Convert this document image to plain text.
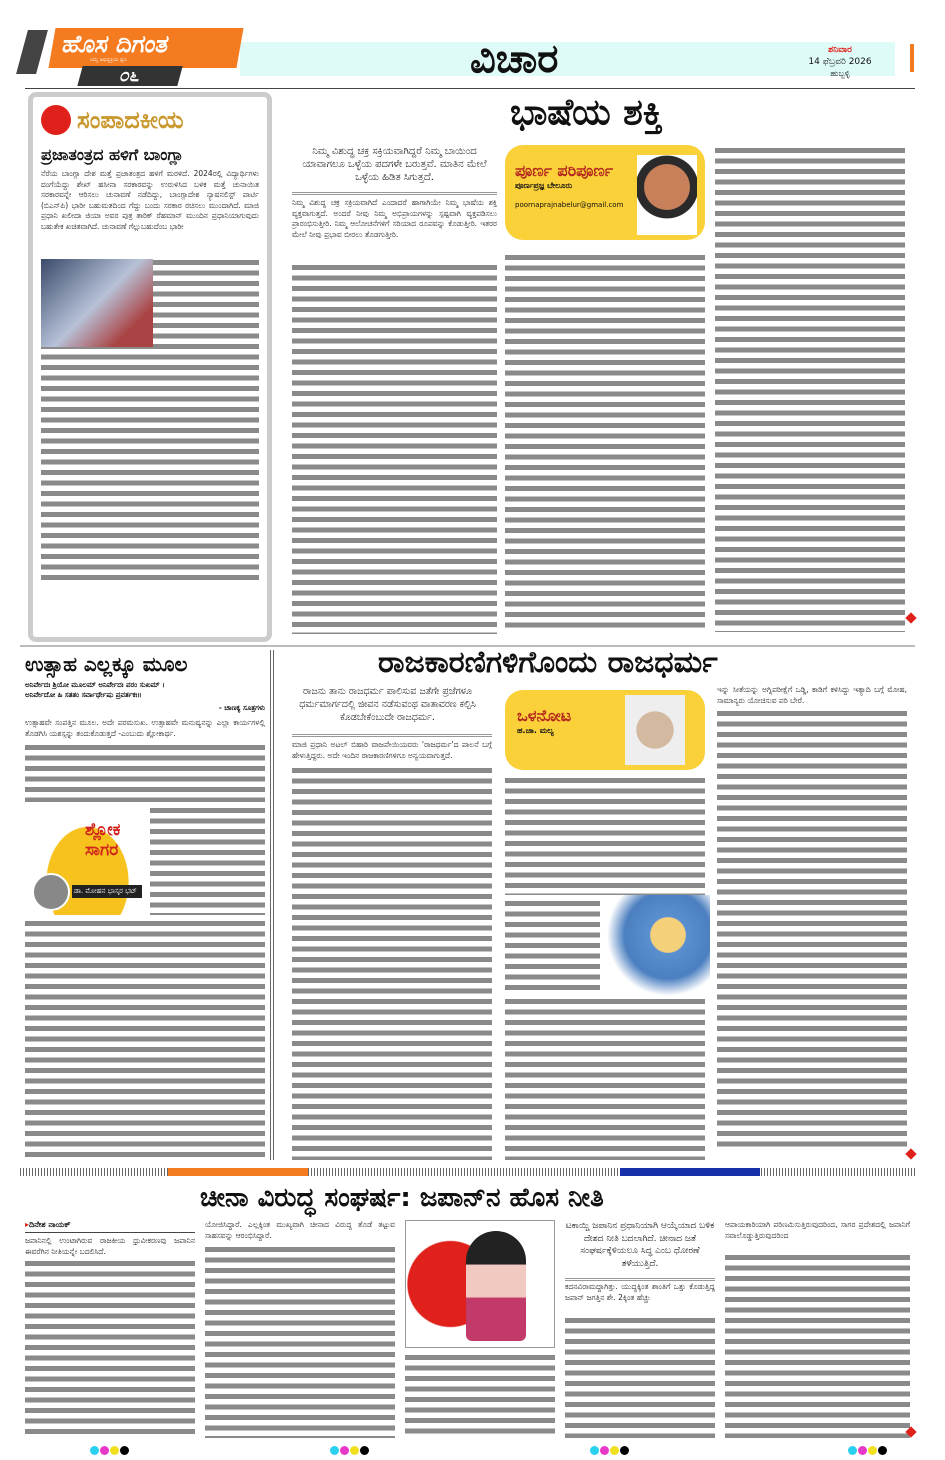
ಹೊಸ ದಿಗಂತ
ನಿಮ್ಮ ಅಭಿವ್ಯಕ್ತಿಯ ಧ್ವನಿ
೦೬	ವಿಚಾರ	ಶನಿವಾರ
14 ಫೆಬ್ರವರಿ 2026
ಹುಬ್ಬಳ್ಳಿ
ಸಂಪಾದಕೀಯ
ಪ್ರಜಾತಂತ್ರದ ಹಳಿಗೆ ಬಾಂಗ್ಲಾ
ನೆರೆಯ ಬಾಂಗ್ಲಾ ದೇಶ ಮತ್ತೆ ಪ್ರಜಾತಂತ್ರದ ಹಳಿಗೆ ಮರಳಿದೆ. 2024ರಲ್ಲಿ ವಿದ್ಯಾರ್ಥಿಗಳು ದಂಗೆಯೆದ್ದು ಶೇಖ್ ಹಸೀನಾ ಸರಕಾರವನ್ನು ಉರುಳಿಸಿದ ಬಳಿಕ ಮತ್ತೆ ಚುನಾಯಿತ ಸರಕಾರವನ್ನೇ ಆರಿಸಲು ಚುನಾವಣೆ ನಡೆದಿದ್ದು, ಬಾಂಗ್ಲಾದೇಶ ನ್ಯಾಷನಲಿಸ್ಟ್ ಪಾರ್ಟಿ (ಬಿಎನ್‌ಪಿ) ಭಾರೀ ಬಹುಮತದಿಂದ ಗೆದ್ದು ಬಂದು ಸರಕಾರ ರಚಿಸಲು ಮುಂದಾಗಿದೆ. ಮಾಜಿ ಪ್ರಧಾನಿ ಖಲೀದಾ ಜಿಯಾ ಅವರ ಪುತ್ರ ತಾರಿಕ್ ರೆಹಮಾನ್ ಮುಂದಿನ ಪ್ರಧಾನಿಯಾಗುವುದು ಬಹುತೇಕ ಖಚಿತವಾಗಿದೆ. ಚುನಾವಣೆ ಗೆಲ್ಲುಬಹುದೆಂಬ ಭಾರೀ
ಭಾಷೆಯ ಶಕ್ತಿ
ನಿಮ್ಮ ವಿಶುದ್ಧ ಚಕ್ರ ಸಕ್ರಿಯವಾಗಿದ್ದರೆ ನಿಮ್ಮ ಬಾಯಿಂದ ಯಾವಾಗಲೂ ಒಳ್ಳೆಯ ಪದಗಳೇ ಬರುತ್ತವೆ. ಮಾತಿನ ಮೇಲೆ ಒಳ್ಳೆಯ ಹಿಡಿತ ಸಿಗುತ್ತದೆ.
ನಿಮ್ಮ ವಿಶುದ್ಧ ಚಕ್ರ ಸಕ್ರಿಯವಾಗಿದೆ ಎಂದಾದರೆ ಹಾಗಾಗಿಯೇ ನಿಮ್ಮ ಭಾಷೆಯ ಶಕ್ತಿ ವ್ಯಕ್ತವಾಗುತ್ತದೆ. ಅಂದರೆ ನೀವು ನಿಮ್ಮ ಅಭಿಪ್ರಾಯಗಳನ್ನು ಸ್ಪಷ್ಟವಾಗಿ ವ್ಯಕ್ತಪಡಿಸಲು ಪ್ರಾರಂಭಿಸುತ್ತೀರಿ. ನಿಮ್ಮ ಆಲೋಚನೆಗಳಿಗೆ ಸರಿಯಾದ ರೂಪವನ್ನು ಕೊಡುತ್ತೀರಿ. ಇತರರ ಮೇಲೆ ನೀವು ಪ್ರಭಾವ ಬೀರಲು ತೊಡಗುತ್ತೀರಿ.
ಪೂರ್ಣ ಪರಿಪೂರ್ಣ
ಪೂರ್ಣಪ್ರಜ್ಞ ಬೇಲೂರು
poornaprajnabelur@gmail.com
ಉತ್ಸಾಹ ಎಲ್ಲಕ್ಕೂ ಮೂಲ
ಅನಿರ್ವೇದಃ ಶ್ರಿಯೋ ಮೂಲಮ್ ಅನಿರ್ವೇದಃ ಪರಂ ಸುಖಮ್ ।
ಅನಿರ್ವೇದೋ ಹಿ ಸತತಂ ಸರ್ವಾರ್ಥೇಷು ಪ್ರವರ್ತಕಃ॥
- ಚಾಣಕ್ಯ ಸೂತ್ರಗಳು
ಉತ್ಸಾಹವೇ ಸಂಪತ್ತಿನ ಮೂಲ. ಅದೇ ಪರಮಸುಖ. ಉತ್ಸಾಹವೇ ಮನುಷ್ಯನನ್ನು ಎಲ್ಲಾ ಕಾರ್ಯಗಳಲ್ಲಿ ತೊಡಗಿಸಿ ಯಶಸ್ಸನ್ನು ತಂದುಕೊಡುತ್ತದೆ -ಎಂಬುದು ಶ್ಲೋಕಾರ್ಥ.
ಶ್ಲೋಕ ಸಾಗರ
ಡಾ. ಮೋಹನ ಭಾಸ್ಕರ ಭಟ್
ರಾಜಕಾರಣಿಗಳಿಗೊಂದು ರಾಜಧರ್ಮ
ರಾಜನು ತಾನು ರಾಜಧರ್ಮ ಪಾಲಿಸುವ ಜತೆಗೇ ಪ್ರಜೆಗಳೂ ಧರ್ಮಮಾರ್ಗದಲ್ಲಿ ಜೀವನ ನಡೆಸುವಂಥ ವಾತಾವರಣ ಕಲ್ಪಿಸಿ ಕೊಡಬೇಕೆಂಬುದೇ ರಾಜಧರ್ಮ.
ಮಾಜಿ ಪ್ರಧಾನಿ ಅಟಲ್ ಬಿಹಾರಿ ವಾಜಪೇಯಿಯವರು 'ರಾಜಧರ್ಮ'ದ ಪಾಲನೆ ಬಗ್ಗೆ ಹೇಳುತ್ತಿದ್ದರು. ಅದೇ ಇಂದಿನ ರಾಜಕಾರಣಿಗಳಿಗೂ ಅನ್ವಯವಾಗುತ್ತದೆ.
ಒಳನೋಟ
ಹ.ಚಾ. ಮಲ್ಯ
ಇನ್ನು ಸೀತೆಯನ್ನು ಅಗ್ನಿಪರೀಕ್ಷೆಗೆ ಒಡ್ಡಿ, ಕಾಡಿಗೆ ಕಳಿಸಿದ್ದು ಇತ್ಯಾದಿ ಬಗ್ಗೆ ಮೋಹ, ಸಾಮಾನ್ಯರು ಯೋಚಿಸುವ ಪರಿ ಬೇರೆ.
ಚೀನಾ ವಿರುದ್ಧ ಸಂಘರ್ಷ: ಜಪಾನ್‌ನ ಹೊಸ ನೀತಿ
▸ದಿನೇಶ ನಾಯಕ್
ಜಪಾನಿನಲ್ಲಿ ಉಂಟಾಗಿರುವ ರಾಜಕೀಯ ಧ್ರುವೀಕರಣವು ಜಪಾನಿನ ಈವರೆಗಿನ ನೀತಿಯನ್ನೇ ಬದಲಿಸಿದೆ.
ಯೋಜಿಸಿದ್ದಾರೆ. ಎಲ್ಲಕ್ಕಿಂತ ಮುಖ್ಯವಾಗಿ ಚೀನಾದ ವಿರುದ್ಧ ತೊಡೆ ತಟ್ಟುವ ಸಾಹಸವನ್ನು ಆರಂಭಿಸಿದ್ದಾರೆ.
ಟಕಾಯ್ಚಿ ಜಪಾನಿನ ಪ್ರಧಾನಿಯಾಗಿ ಆಯ್ಕೆಯಾದ ಬಳಿಕ ದೇಶದ ನೀತಿ ಬದಲಾಗಿದೆ. ಚೀನಾದ ಜತೆ ಸಂಘರ್ಷಕ್ಕೆಳಿಯಲೂ ಸಿದ್ಧ ಎಂಬ ಧೋರಣೆ ತಳೆಯುತ್ತಿದೆ.
ಕದನವಿರಾಮದ್ದಾಗಿತ್ತು. ಯುದ್ಧಕ್ಕಿಂತ ಶಾಂತಿಗೆ ಒತ್ತು ಕೊಡುತ್ತಿದ್ದ ಜಪಾನ್ ಜಗತ್ತಿನ ಶೇ. 2ಕ್ಕಿಂತ ಹೆಚ್ಚು
ಆಪಾಯಕಾರಿಯಾಗಿ ಪರಿಣಮಿಸುತ್ತಿರುವುದರಿಂದ, ಸಾಗರ ಪ್ರದೇಶದಲ್ಲಿ ಜಪಾನಿಗೆ ಸವಾಲೊಡ್ಡುತ್ತಿರುವುದರಿಂದ
